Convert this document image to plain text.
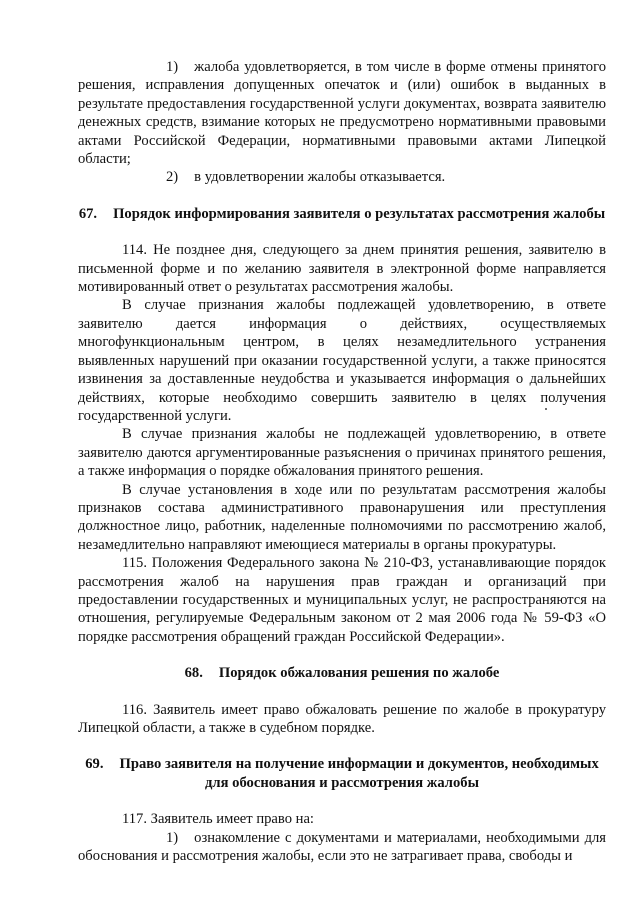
1) жалоба удовлетворяется, в том числе в форме отмены принятого решения, исправления допущенных опечаток и (или) ошибок в выданных в результате предоставления государственной услуги документах, возврата заявителю денежных средств, взимание которых не предусмотрено нормативными правовыми актами Российской Федерации, нормативными правовыми актами Липецкой области;

2) в удовлетворении жалобы отказывается.

67. Порядок информирования заявителя о результатах рассмотрения жалобы

114. Не позднее дня, следующего за днем принятия решения, заявителю в письменной форме и по желанию заявителя в электронной форме направляется мотивированный ответ о результатах рассмотрения жалобы.

В случае признания жалобы подлежащей удовлетворению, в ответе заявителю дается информация о действиях, осуществляемых многофункциональным центром, в целях незамедлительного устранения выявленных нарушений при оказании государственной услуги, а также приносятся извинения за доставленные неудобства и указывается информация о дальнейших действиях, которые необходимо совершить заявителю в целях получения государственной услуги.

В случае признания жалобы не подлежащей удовлетворению, в ответе заявителю даются аргументированные разъяснения о причинах принятого решения, а также информация о порядке обжалования принятого решения.

В случае установления в ходе или по результатам рассмотрения жалобы признаков состава административного правонарушения или преступления должностное лицо, работник, наделенные полномочиями по рассмотрению жалоб, незамедлительно направляют имеющиеся материалы в органы прокуратуры.

115. Положения Федерального закона № 210-ФЗ, устанавливающие порядок рассмотрения жалоб на нарушения прав граждан и организаций при предоставлении государственных и муниципальных услуг, не распространяются на отношения, регулируемые Федеральным законом от 2 мая 2006 года № 59-ФЗ «О порядке рассмотрения обращений граждан Российской Федерации».

68. Порядок обжалования решения по жалобе

116. Заявитель имеет право обжаловать решение по жалобе в прокуратуру Липецкой области, а также в судебном порядке.

69. Право заявителя на получение информации и документов, необходимых для обоснования и рассмотрения жалобы

117. Заявитель имеет право на:

1) ознакомление с документами и материалами, необходимыми для обоснования и рассмотрения жалобы, если это не затрагивает права, свободы и
